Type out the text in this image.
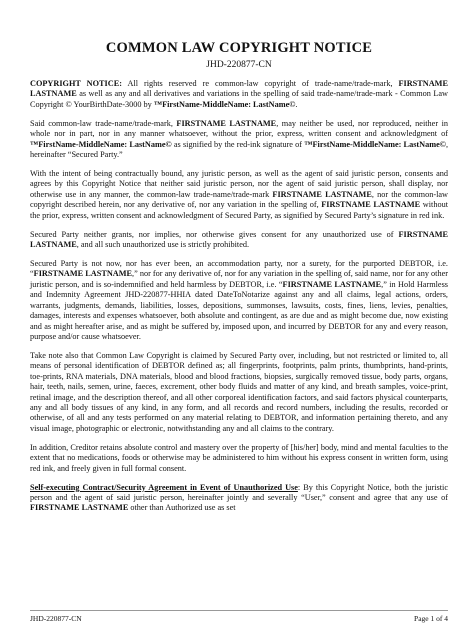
COMMON LAW COPYRIGHT NOTICE
JHD-220877-CN

COPYRIGHT NOTICE: All rights reserved re common-law copyright of trade-name/trade-mark, FIRSTNAME LASTNAME as well as any and all derivatives and variations in the spelling of said trade-name/trade-mark - Common Law Copyright © YourBirthDate-3000 by ™FirstName-MiddleName: LastName©.

Said common-law trade-name/trade-mark, FIRSTNAME LASTNAME, may neither be used, nor reproduced, neither in whole nor in part, nor in any manner whatsoever, without the prior, express, written consent and acknowledgment of ™FirstName-MiddleName: LastName© as signified by the red-ink signature of ™FirstName-MiddleName: LastName©, hereinafter “Secured Party.”

With the intent of being contractually bound, any juristic person, as well as the agent of said juristic person, consents and agrees by this Copyright Notice that neither said juristic person, nor the agent of said juristic person, shall display, nor otherwise use in any manner, the common-law trade-name/trade-mark FIRSTNAME LASTNAME, nor the common-law copyright described herein, nor any derivative of, nor any variation in the spelling of, FIRSTNAME LASTNAME without the prior, express, written consent and acknowledgment of Secured Party, as signified by Secured Party’s signature in red ink.

Secured Party neither grants, nor implies, nor otherwise gives consent for any unauthorized use of FIRSTNAME LASTNAME, and all such unauthorized use is strictly prohibited.

Secured Party is not now, nor has ever been, an accommodation party, nor a surety, for the purported DEBTOR, i.e. “FIRSTNAME LASTNAME,” nor for any derivative of, nor for any variation in the spelling of, said name, nor for any other juristic person, and is so-indemnified and held harmless by DEBTOR, i.e. “FIRSTNAME LASTNAME,” in Hold Harmless and Indemnity Agreement JHD-220877-HHIA dated DateToNotarize against any and all claims, legal actions, orders, warrants, judgments, demands, liabilities, losses, depositions, summonses, lawsuits, costs, fines, liens, levies, penalties, damages, interests and expenses whatsoever, both absolute and contingent, as are due and as might become due, now existing and as might hereafter arise, and as might be suffered by, imposed upon, and incurred by DEBTOR for any and every reason, purpose and/or cause whatsoever.

Take note also that Common Law Copyright is claimed by Secured Party over, including, but not restricted or limited to, all means of personal identification of DEBTOR defined as; all fingerprints, footprints, palm prints, thumbprints, hand-prints, toe-prints, RNA materials, DNA materials, blood and blood fractions, biopsies, surgically removed tissue, body parts, organs, hair, teeth, nails, semen, urine, faeces, excrement, other body fluids and matter of any kind, and breath samples, voice-print, retinal image, and the description thereof, and all other corporeal identification factors, and said factors physical counterparts, any and all body tissues of any kind, in any form, and all records and record numbers, including the results, recorded or otherwise, of all and any tests performed on any material relating to DEBTOR, and information pertaining thereto, and any visual image, photographic or electronic, notwithstanding any and all claims to the contrary.

In addition, Creditor retains absolute control and mastery over the property of [his/her] body, mind and mental faculties to the extent that no medications, foods or otherwise may be administered to him without his express consent in written form, using red ink, and freely given in full formal consent.

Self-executing Contract/Security Agreement in Event of Unauthorized Use: By this Copyright Notice, both the juristic person and the agent of said juristic person, hereinafter jointly and severally “User,” consent and agree that any use of FIRSTNAME LASTNAME other than Authorized use as set

JHD-220877-CN	Page 1 of 4
